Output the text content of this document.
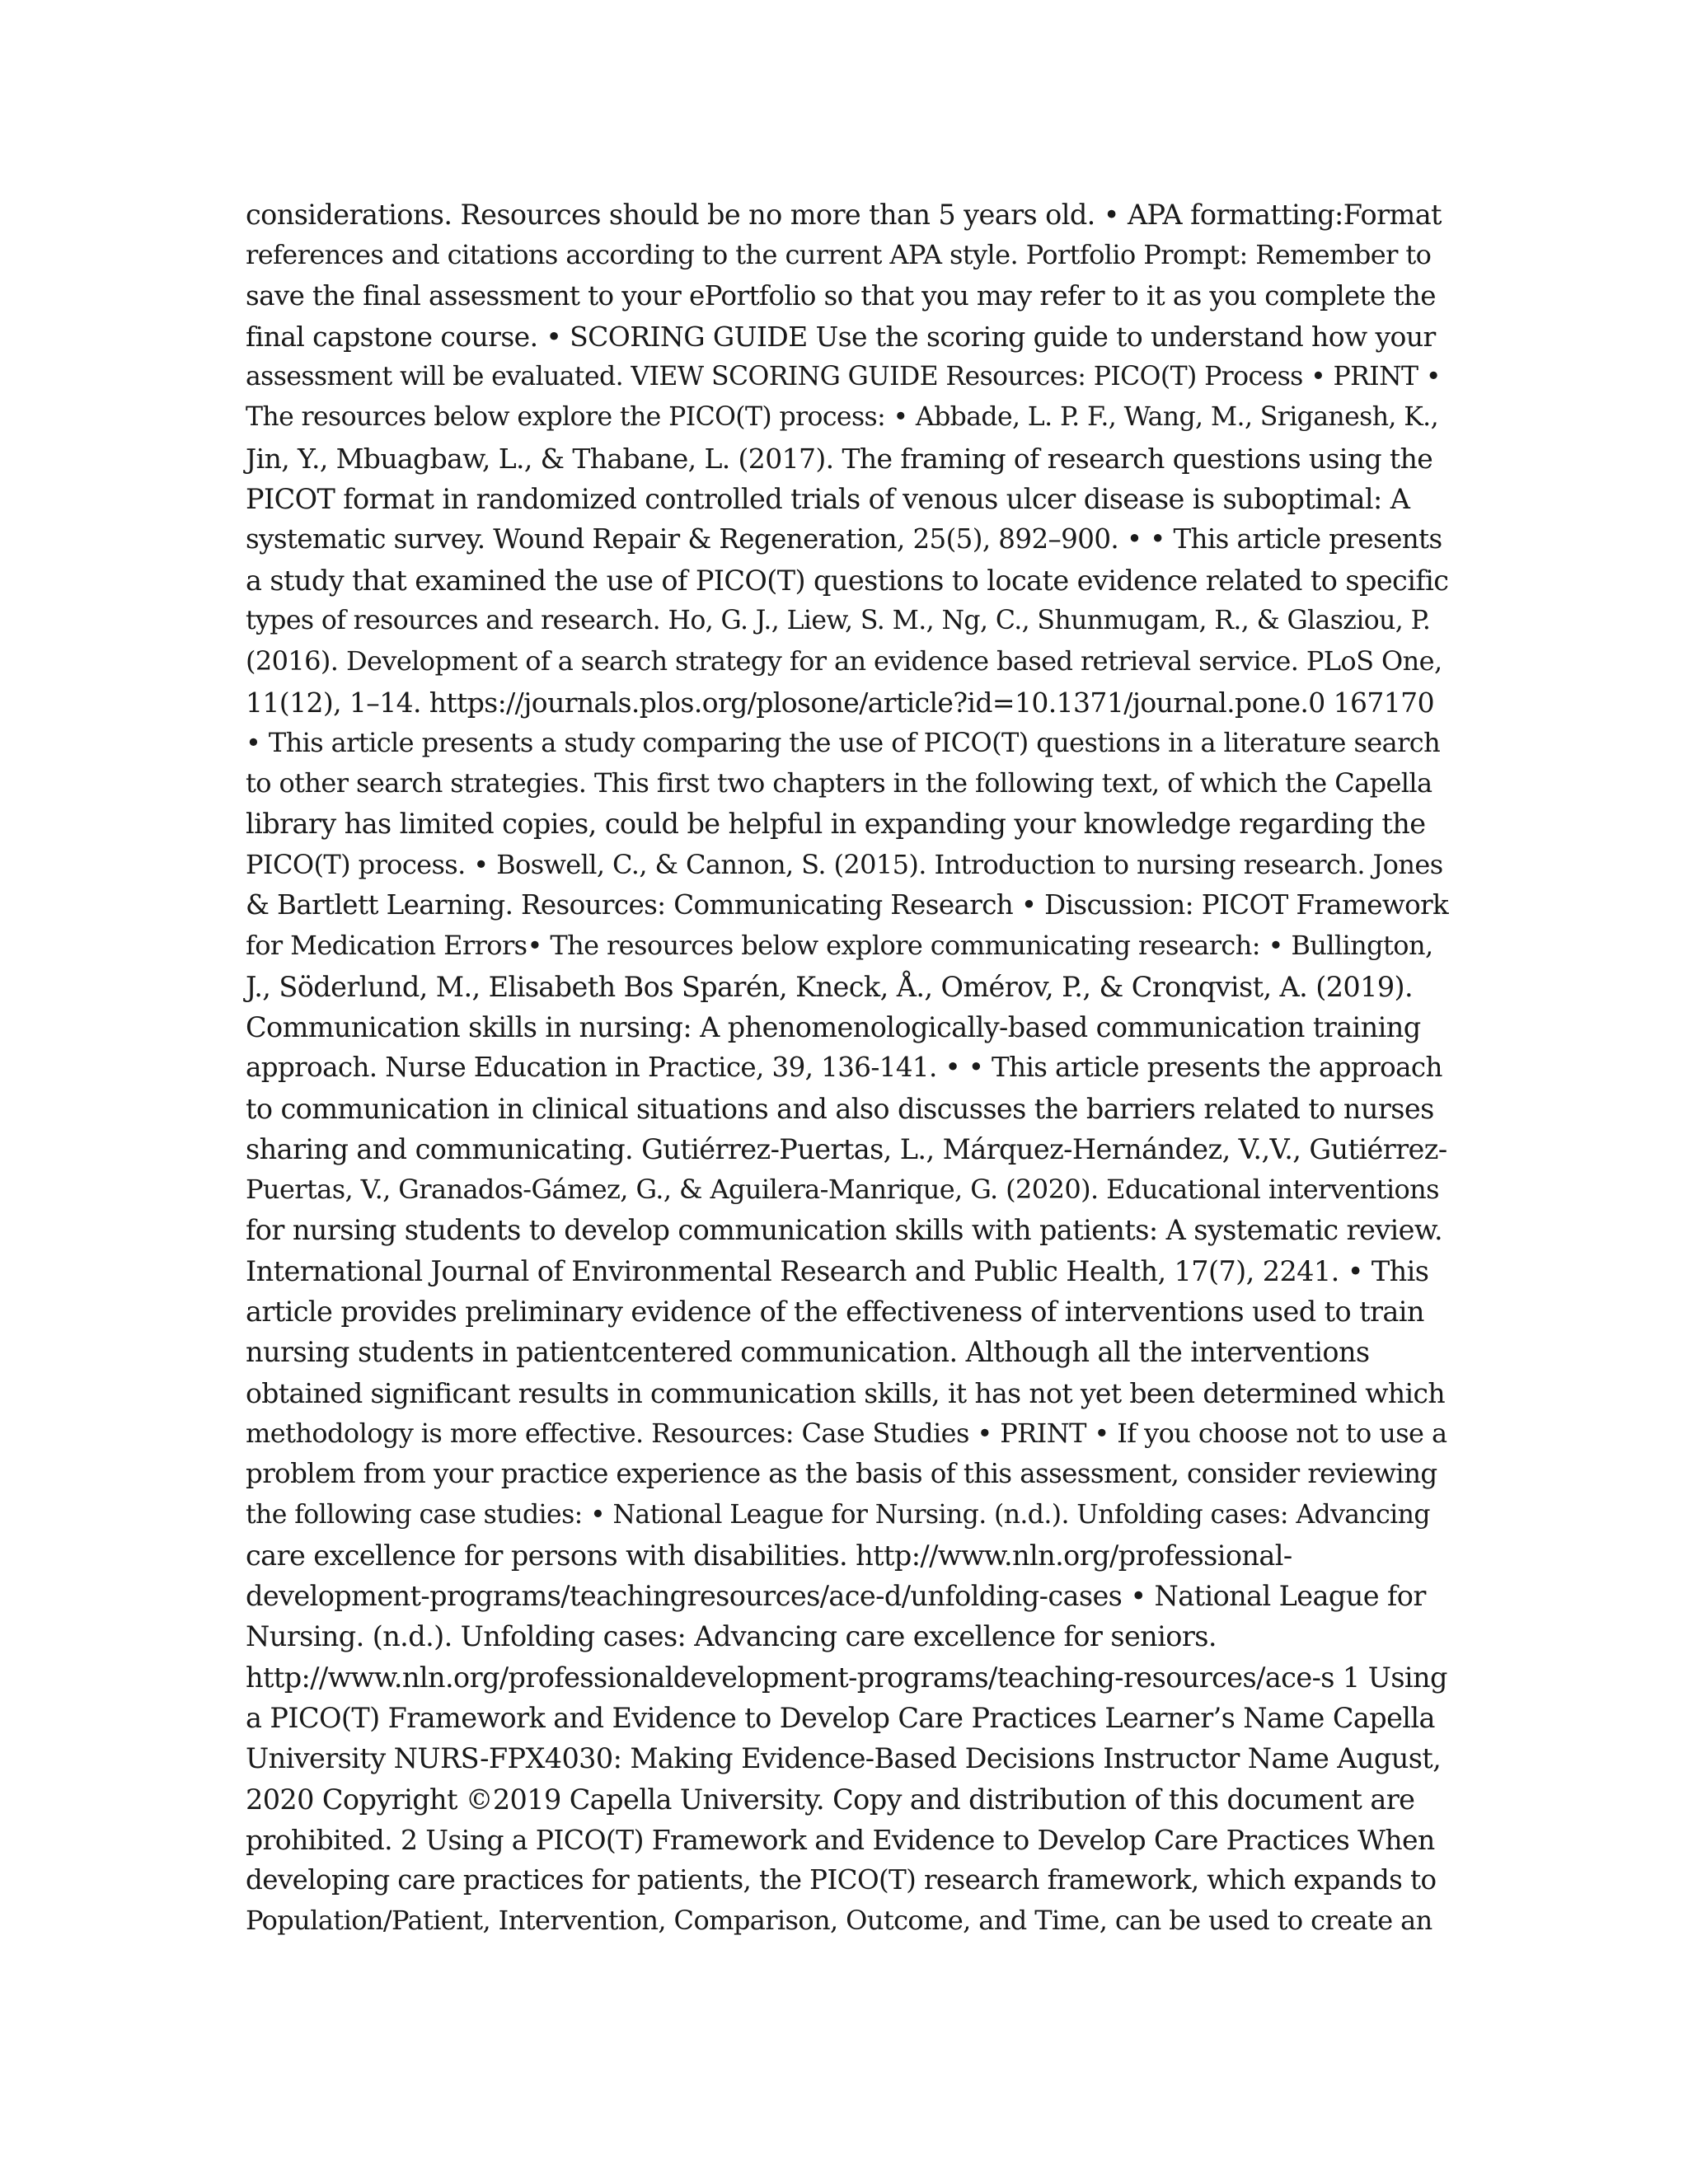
considerations. Resources should be no more than 5 years old. • APA formatting:Format
references and citations according to the current APA style. Portfolio Prompt: Remember to
save the final assessment to your ePortfolio so that you may refer to it as you complete the
final capstone course. • SCORING GUIDE Use the scoring guide to understand how your
assessment will be evaluated. VIEW SCORING GUIDE Resources: PICO(T) Process • PRINT •
The resources below explore the PICO(T) process: • Abbade, L. P. F., Wang, M., Sriganesh, K.,
Jin, Y., Mbuagbaw, L., & Thabane, L. (2017). The framing of research questions using the
PICOT format in randomized controlled trials of venous ulcer disease is suboptimal: A
systematic survey. Wound Repair & Regeneration, 25(5), 892–900. • • This article presents
a study that examined the use of PICO(T) questions to locate evidence related to specific
types of resources and research. Ho, G. J., Liew, S. M., Ng, C., Shunmugam, R., & Glasziou, P.
(2016). Development of a search strategy for an evidence based retrieval service. PLoS One,
11(12), 1–14. https://journals.plos.org/plosone/article?id=10.1371/journal.pone.0 167170
• This article presents a study comparing the use of PICO(T) questions in a literature search
to other search strategies. This first two chapters in the following text, of which the Capella
library has limited copies, could be helpful in expanding your knowledge regarding the
PICO(T) process. • Boswell, C., & Cannon, S. (2015). Introduction to nursing research. Jones
& Bartlett Learning. Resources: Communicating Research • Discussion: PICOT Framework
for Medication Errors• The resources below explore communicating research: • Bullington,
J., Söderlund, M., Elisabeth Bos Sparén, Kneck, Å., Omérov, P., & Cronqvist, A. (2019).
Communication skills in nursing: A phenomenologically-based communication training
approach. Nurse Education in Practice, 39, 136-141. • • This article presents the approach
to communication in clinical situations and also discusses the barriers related to nurses
sharing and communicating. Gutiérrez-Puertas, L., Márquez-Hernández, V.,V., Gutiérrez-
Puertas, V., Granados-Gámez, G., & Aguilera-Manrique, G. (2020). Educational interventions
for nursing students to develop communication skills with patients: A systematic review.
International Journal of Environmental Research and Public Health, 17(7), 2241. • This
article provides preliminary evidence of the effectiveness of interventions used to train
nursing students in patientcentered communication. Although all the interventions
obtained significant results in communication skills, it has not yet been determined which
methodology is more effective. Resources: Case Studies • PRINT • If you choose not to use a
problem from your practice experience as the basis of this assessment, consider reviewing
the following case studies: • National League for Nursing. (n.d.). Unfolding cases: Advancing
care excellence for persons with disabilities. http://www.nln.org/professional-
development-programs/teachingresources/ace-d/unfolding-cases • National League for
Nursing. (n.d.). Unfolding cases: Advancing care excellence for seniors.
http://www.nln.org/professionaldevelopment-programs/teaching-resources/ace-s 1 Using
a PICO(T) Framework and Evidence to Develop Care Practices Learner’s Name Capella
University NURS-FPX4030: Making Evidence-Based Decisions Instructor Name August,
2020 Copyright ©2019 Capella University. Copy and distribution of this document are
prohibited. 2 Using a PICO(T) Framework and Evidence to Develop Care Practices When
developing care practices for patients, the PICO(T) research framework, which expands to
Population/Patient, Intervention, Comparison, Outcome, and Time, can be used to create an
